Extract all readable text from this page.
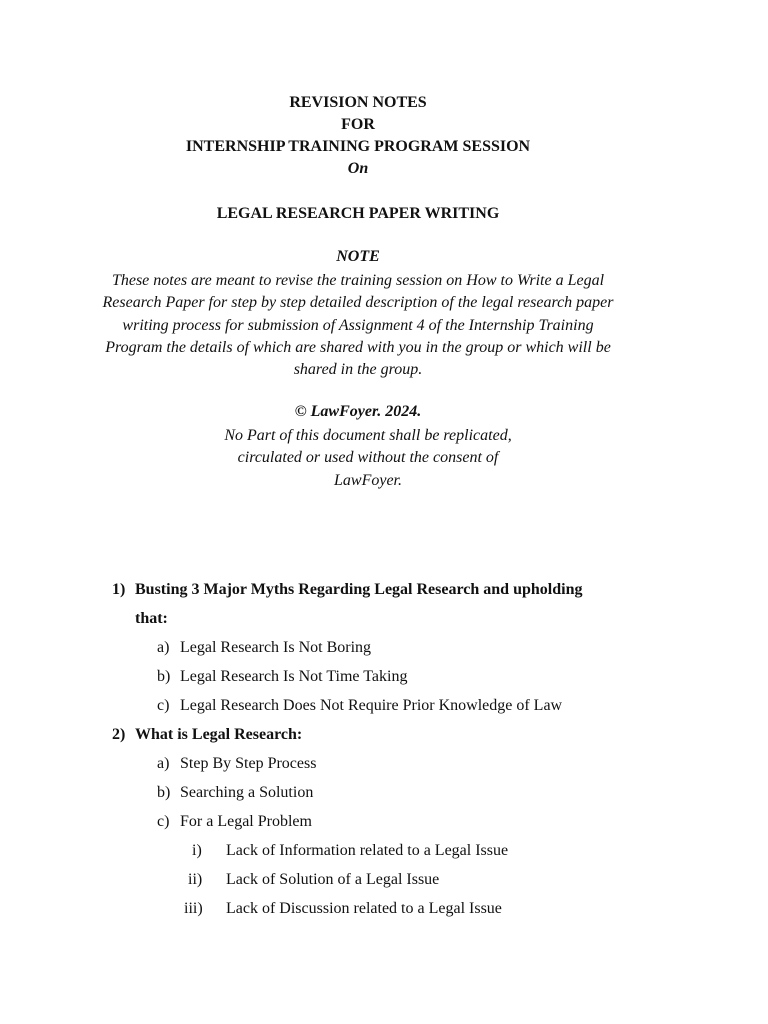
REVISION NOTES
FOR
INTERNSHIP TRAINING PROGRAM SESSION
On
LEGAL RESEARCH PAPER WRITING
NOTE
These notes are meant to revise the training session on How to Write a Legal
Research Paper for step by step detailed description of the legal research paper
writing process for submission of Assignment 4 of the Internship Training
Program the details of which are shared with you in the group or which will be
shared in the group.
© LawFoyer. 2024.
No Part of this document shall be replicated,
circulated or used without the consent of
LawFoyer.
1) Busting 3 Major Myths Regarding Legal Research and upholding
that:
a) Legal Research Is Not Boring
b) Legal Research Is Not Time Taking
c) Legal Research Does Not Require Prior Knowledge of Law
2) What is Legal Research:
a) Step By Step Process
b) Searching a Solution
c) For a Legal Problem
i) Lack of Information related to a Legal Issue
ii) Lack of Solution of a Legal Issue
iii) Lack of Discussion related to a Legal Issue
